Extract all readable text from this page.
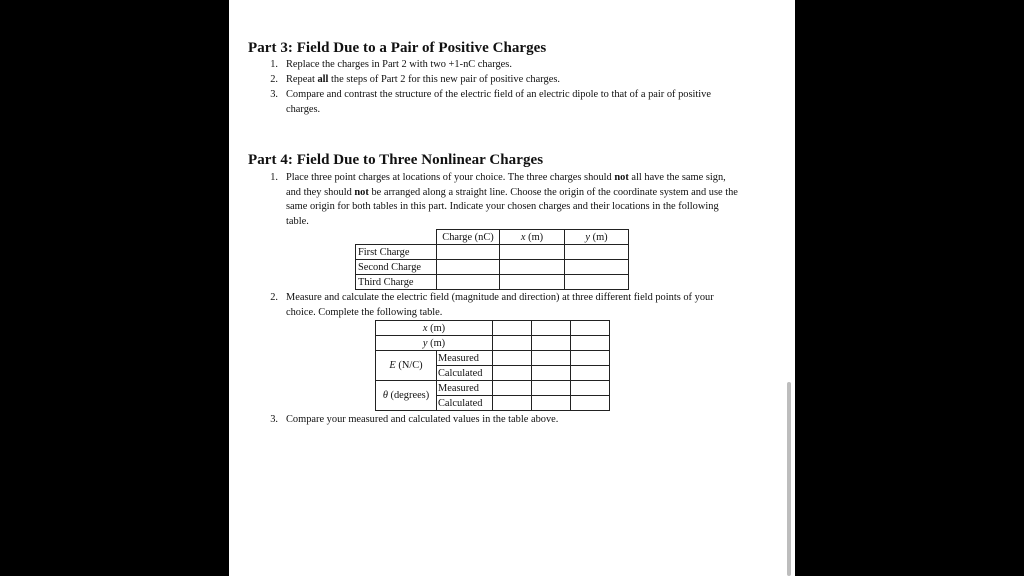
Part 3: Field Due to a Pair of Positive Charges
1. Replace the charges in Part 2 with two +1-nC charges.
2. Repeat all the steps of Part 2 for this new pair of positive charges.
3. Compare and contrast the structure of the electric field of an electric dipole to that of a pair of positive charges.
Part 4: Field Due to Three Nonlinear Charges
1. Place three point charges at locations of your choice. The three charges should not all have the same sign, and they should not be arranged along a straight line. Choose the origin of the coordinate system and use the same origin for both tables in this part. Indicate your chosen charges and their locations in the following table.
	Charge (nC)	x (m)	y (m)
First Charge			
Second Charge			
Third Charge			
2. Measure and calculate the electric field (magnitude and direction) at three different field points of your choice. Complete the following table.
x (m)				
y (m)				
E (N/C)	Measured			
	Calculated			
θ (degrees)	Measured			
	Calculated			
3. Compare your measured and calculated values in the table above.
